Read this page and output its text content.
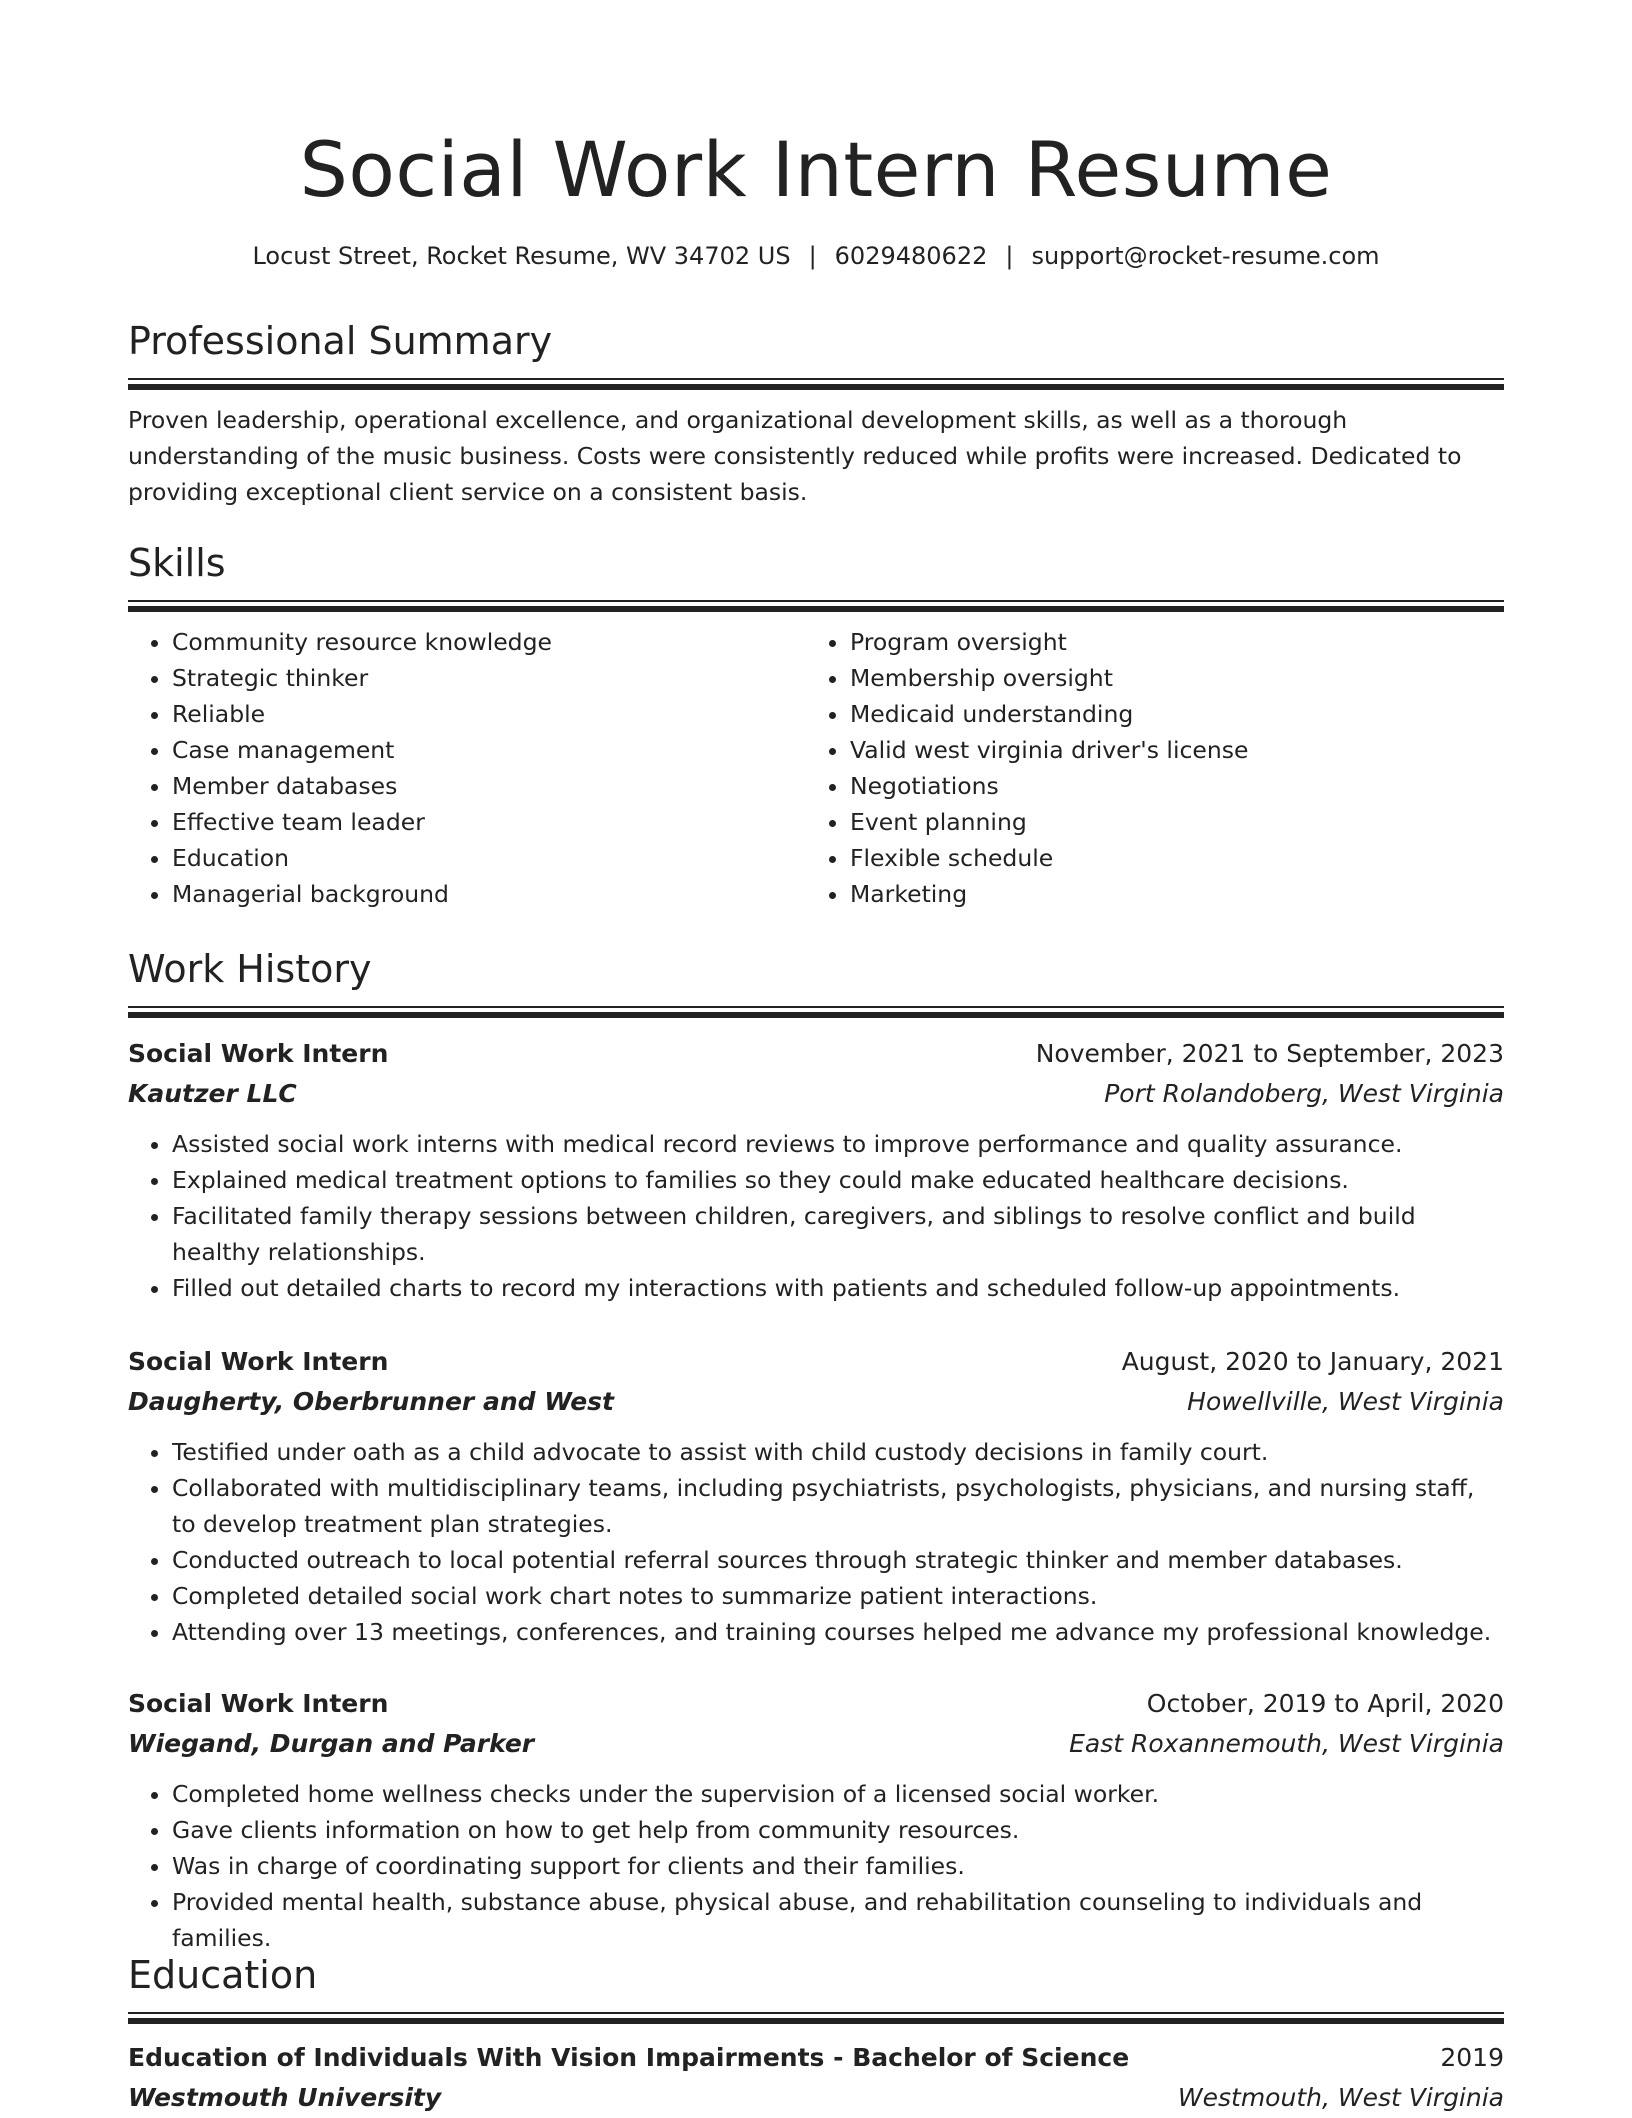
Social Work Intern Resume
Locust Street, Rocket Resume, WV 34702 US | 6029480622 | support@rocket-resume.com
Professional Summary
Proven leadership, operational excellence, and organizational development skills, as well as a thorough understanding of the music business. Costs were consistently reduced while profits were increased. Dedicated to providing exceptional client service on a consistent basis.
Skills
• Community resource knowledge
• Strategic thinker
• Reliable
• Case management
• Member databases
• Effective team leader
• Education
• Managerial background
• Program oversight
• Membership oversight
• Medicaid understanding
• Valid west virginia driver's license
• Negotiations
• Event planning
• Flexible schedule
• Marketing
Work History
Social Work Intern	November, 2021 to September, 2023
Kautzer LLC	Port Rolandoberg, West Virginia
• Assisted social work interns with medical record reviews to improve performance and quality assurance.
• Explained medical treatment options to families so they could make educated healthcare decisions.
• Facilitated family therapy sessions between children, caregivers, and siblings to resolve conflict and build healthy relationships.
• Filled out detailed charts to record my interactions with patients and scheduled follow-up appointments.
Social Work Intern	August, 2020 to January, 2021
Daugherty, Oberbrunner and West	Howellville, West Virginia
• Testified under oath as a child advocate to assist with child custody decisions in family court.
• Collaborated with multidisciplinary teams, including psychiatrists, psychologists, physicians, and nursing staff, to develop treatment plan strategies.
• Conducted outreach to local potential referral sources through strategic thinker and member databases.
• Completed detailed social work chart notes to summarize patient interactions.
• Attending over 13 meetings, conferences, and training courses helped me advance my professional knowledge.
Social Work Intern	October, 2019 to April, 2020
Wiegand, Durgan and Parker	East Roxannemouth, West Virginia
• Completed home wellness checks under the supervision of a licensed social worker.
• Gave clients information on how to get help from community resources.
• Was in charge of coordinating support for clients and their families.
• Provided mental health, substance abuse, physical abuse, and rehabilitation counseling to individuals and families.
Education
Education of Individuals With Vision Impairments - Bachelor of Science	2019
Westmouth University	Westmouth, West Virginia
